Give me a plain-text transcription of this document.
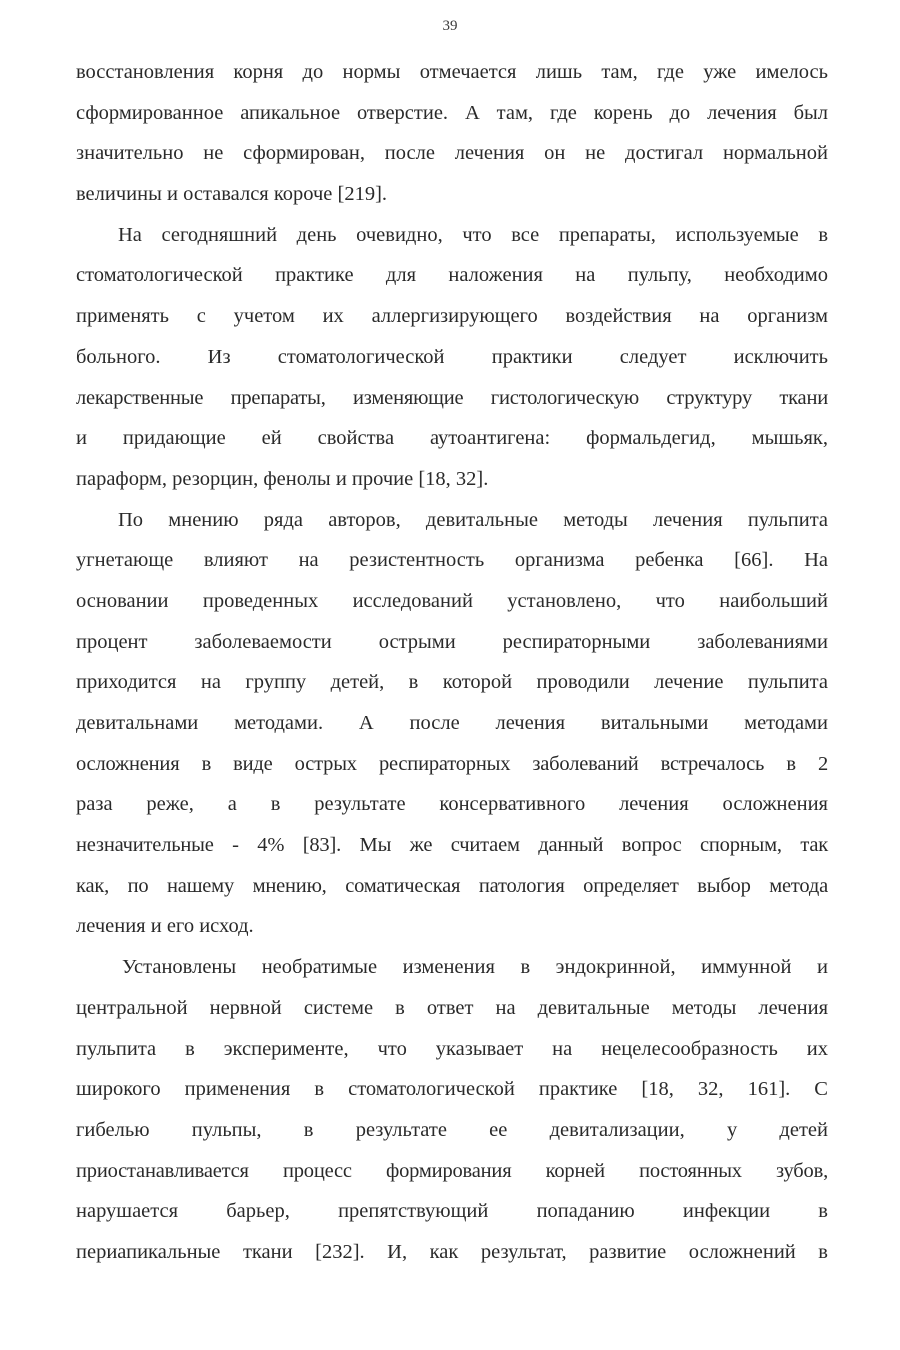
39
восстановления корня до нормы отмечается лишь там, где уже имелось
сформированное апикальное отверстие. А там, где корень до лечения был
значительно не сформирован, после лечения он не достигал нормальной
величины и оставался короче [219].
На сегодняшний день очевидно, что все препараты, используемые в
стоматологической практике для наложения на пульпу, необходимо
применять с учетом их аллергизирующего воздействия на организм
больного. Из стоматологической практики следует исключить
лекарственные препараты, изменяющие гистологическую структуру ткани
и придающие ей свойства аутоантигена: формальдегид, мышьяк,
параформ, резорцин, фенолы и прочие [18, 32].
По мнению ряда авторов, девитальные методы лечения пульпита
угнетающе влияют на резистентность организма ребенка [66]. На
основании проведенных исследований установлено, что наибольший
процент заболеваемости острыми респираторными заболеваниями
приходится на группу детей, в которой проводили лечение пульпита
девитальнами методами. А после лечения витальными методами
осложнения в виде острых респираторных заболеваний встречалось в 2
раза реже, а в результате консервативного лечения осложнения
незначительные - 4% [83]. Мы же считаем данный вопрос спорным, так
как, по нашему мнению, соматическая патология определяет выбор метода
лечения и его исход.
Установлены необратимые изменения в эндокринной, иммунной и
центральной нервной системе в ответ на девитальные методы лечения
пульпита в эксперименте, что указывает на нецелесообразность их
широкого применения в стоматологической практике [18, 32, 161]. С
гибелью пульпы, в результате ее девитализации, у детей
приостанавливается процесс формирования корней постоянных зубов,
нарушается барьер, препятствующий попаданию инфекции в
периапикальные ткани [232]. И, как результат, развитие осложнений в
